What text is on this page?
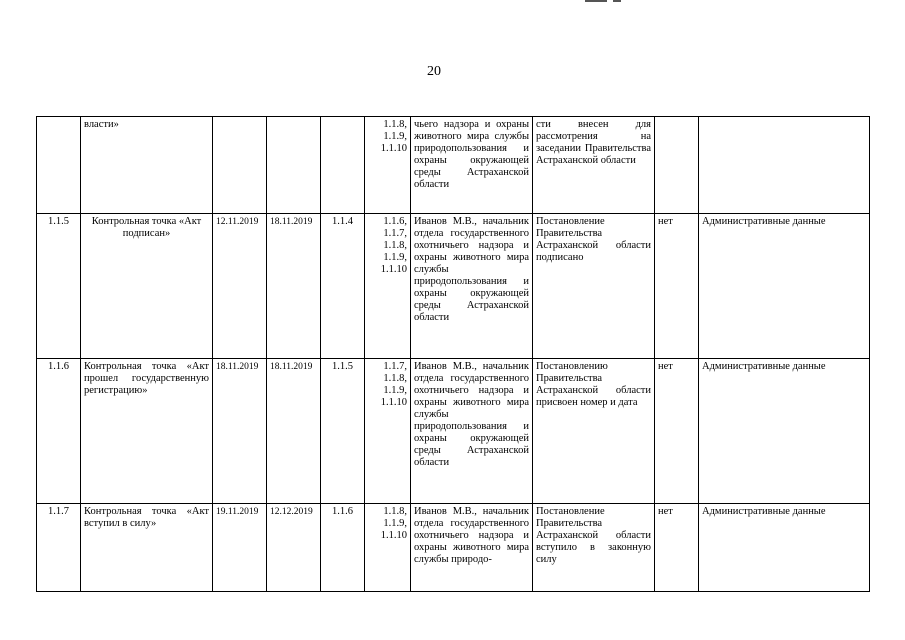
20
	власти»				1.1.8,
1.1.9,
1.1.10	чьего надзора и охраны животного мира службы природопользования и охраны окружающей среды Астраханской области	сти внесен для рассмотрения на заседании Правительства Астраханской области		
1.1.5	Контрольная точка «Акт подписан»	12.11.2019	18.11.2019	1.1.4	1.1.6,
1.1.7,
1.1.8,
1.1.9,
1.1.10	Иванов М.В., начальник отдела государственного охотничьего надзора и охраны животного мира службы природопользования и охраны окружающей среды Астраханской области	Постановление Правительства Астраханской области подписано	нет	Административные данные
1.1.6	Контрольная точка «Акт прошел государственную регистрацию»	18.11.2019	18.11.2019	1.1.5	1.1.7,
1.1.8,
1.1.9,
1.1.10	Иванов М.В., начальник отдела государственного охотничьего надзора и охраны животного мира службы природопользования и охраны окружающей среды Астраханской области	Постановлению Правительства Астраханской области присвоен номер и дата	нет	Административные данные
1.1.7	Контрольная точка «Акт вступил в силу»	19.11.2019	12.12.2019	1.1.6	1.1.8,
1.1.9,
1.1.10	Иванов М.В., начальник отдела государственного охотничьего надзора и охраны животного мира службы природо-	Постановление Правительства Астраханской области вступило в законную силу	нет	Административные данные
